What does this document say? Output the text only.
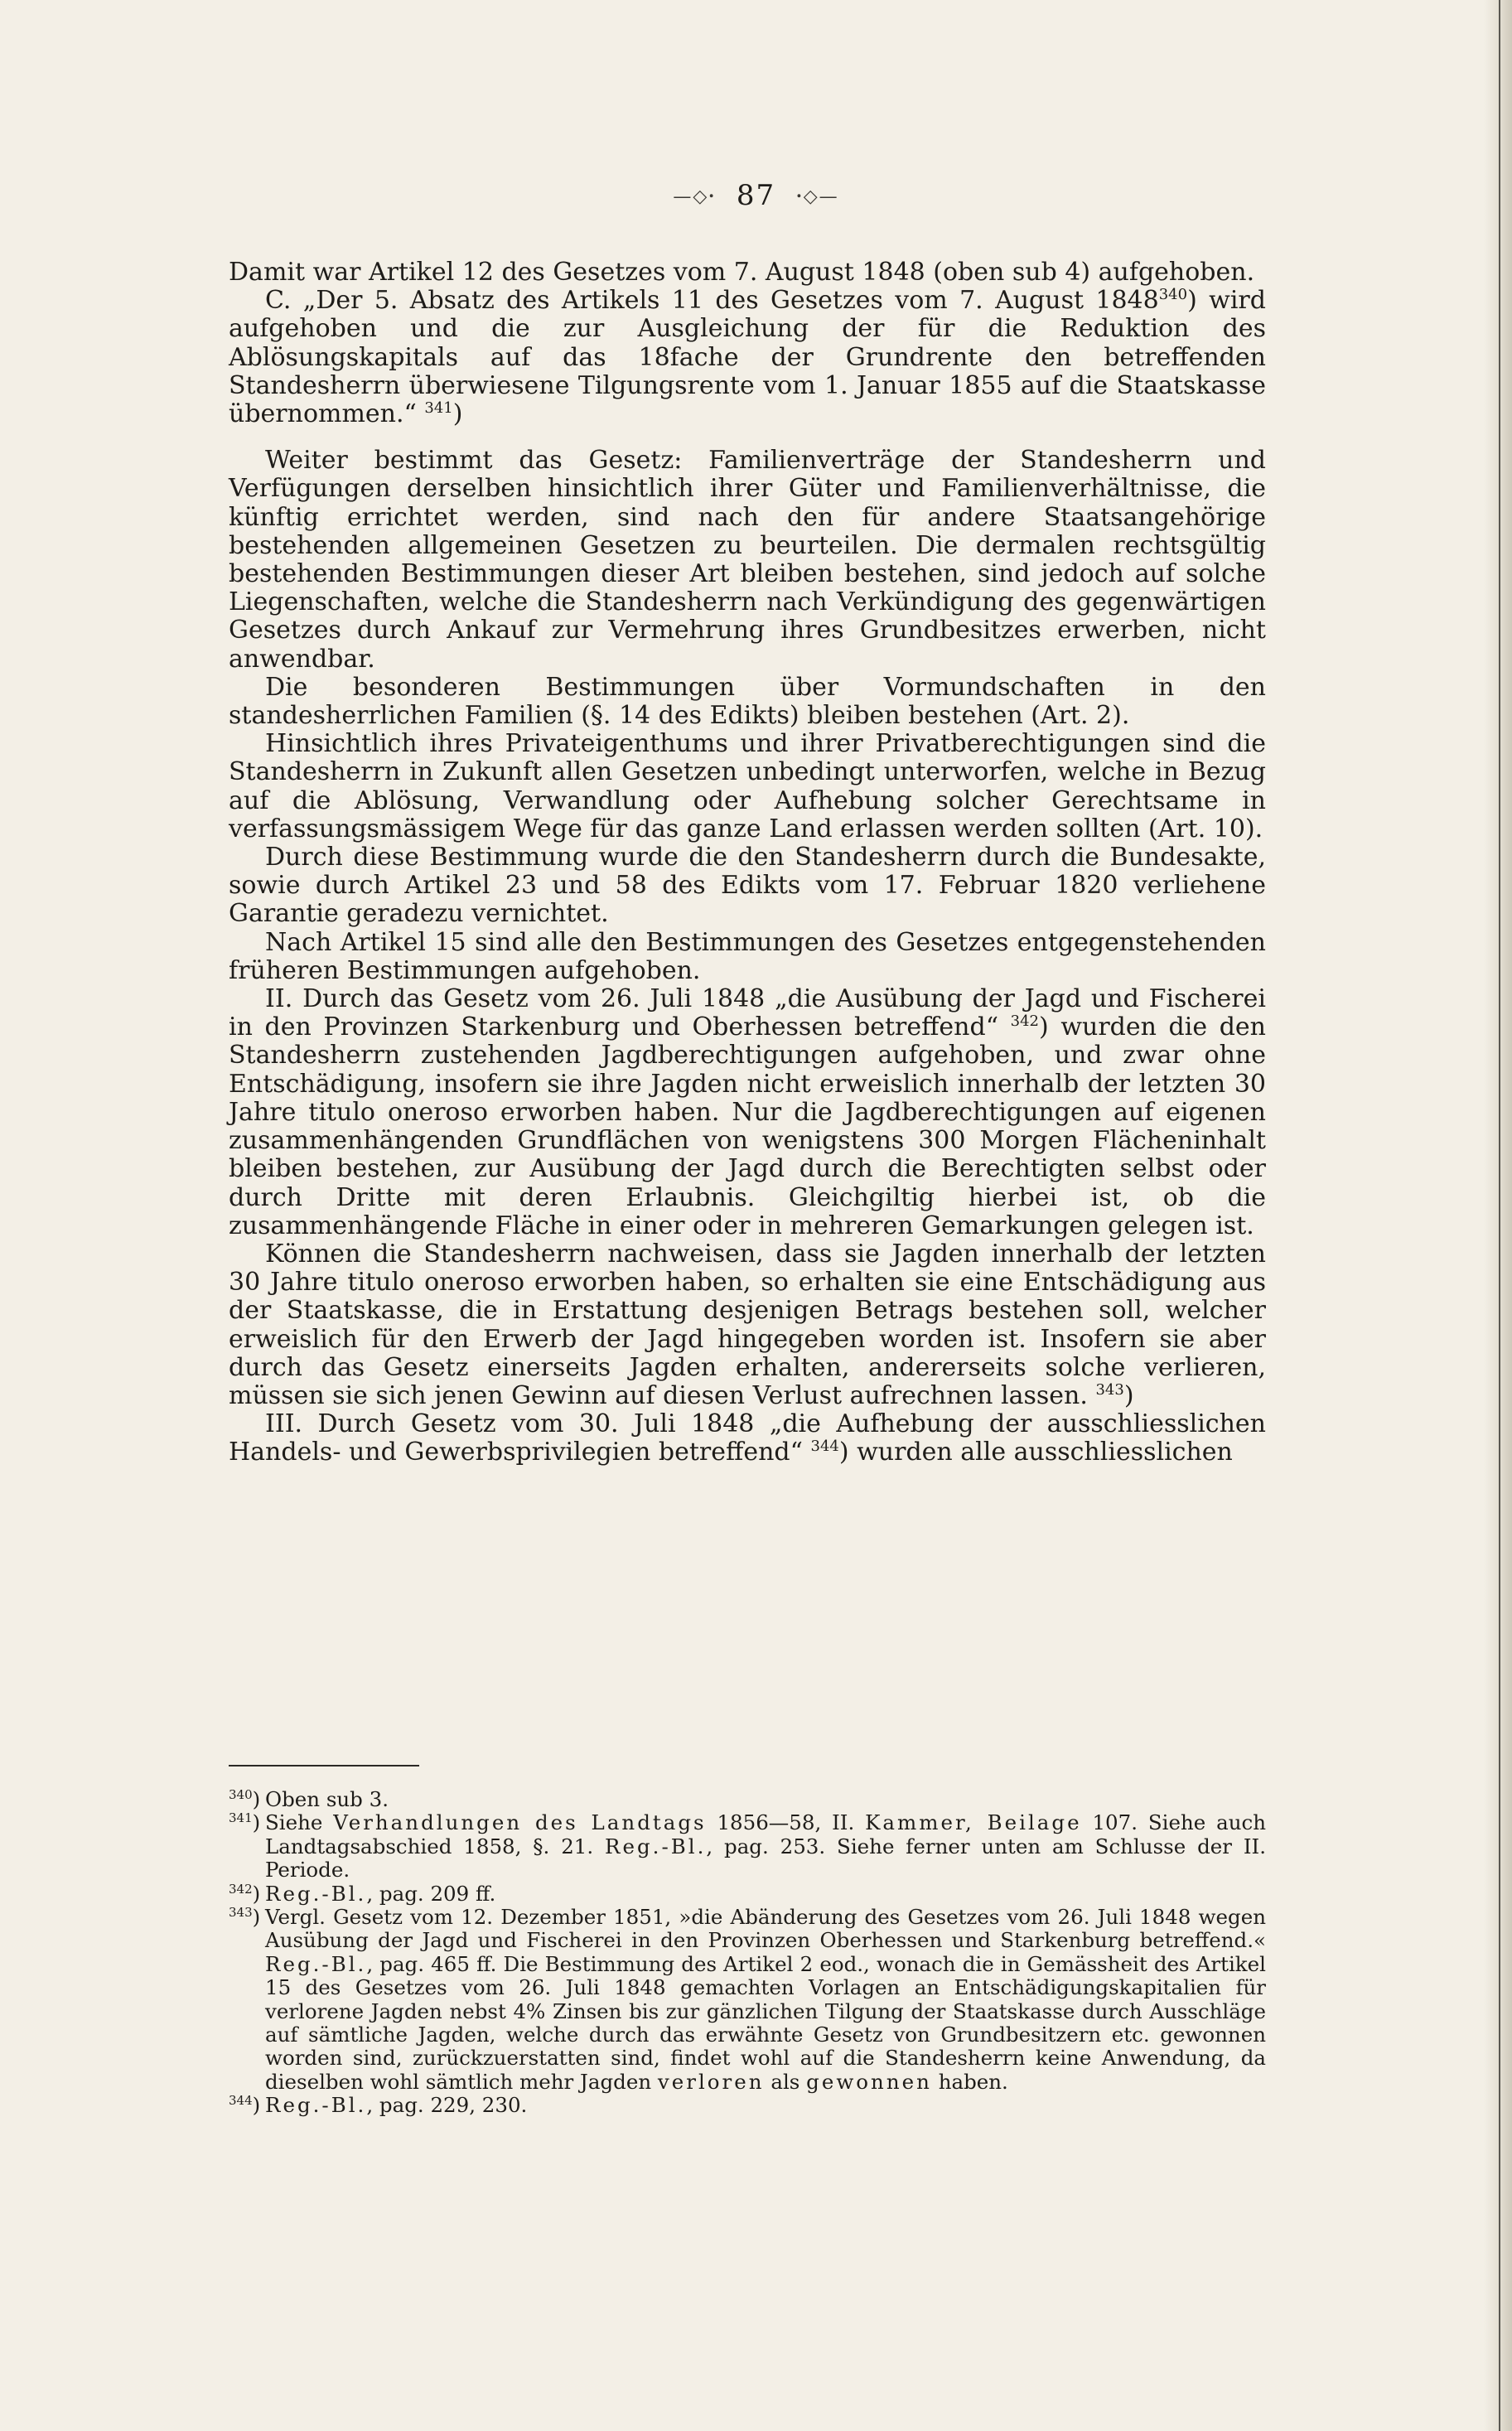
—◇ꞏ 87 ꞏ◇—

Damit war Artikel 12 des Gesetzes vom 7. August 1848 (oben sub 4) aufgehoben.

C. „Der 5. Absatz des Artikels 11 des Gesetzes vom 7. August 1848$^{340}$) wird aufgehoben und die zur Ausgleichung der für die Reduktion des Ablösungskapitals auf das 18fache der Grundrente den betreffenden Standesherrn überwiesene Tilgungsrente vom 1. Januar 1855 auf die Staatskasse übernommen.“ $^{341}$)

Weiter bestimmt das Gesetz: Familienverträge der Standesherrn und Verfügungen derselben hinsichtlich ihrer Güter und Familienverhältnisse, die künftig errichtet werden, sind nach den für andere Staatsangehörige bestehenden allgemeinen Gesetzen zu beurteilen. Die dermalen rechtsgültig bestehenden Bestimmungen dieser Art bleiben bestehen, sind jedoch auf solche Liegenschaften, welche die Standesherrn nach Verkündigung des gegenwärtigen Gesetzes durch Ankauf zur Vermehrung ihres Grundbesitzes erwerben, nicht anwendbar.

Die besonderen Bestimmungen über Vormundschaften in den standesherrlichen Familien (§. 14 des Edikts) bleiben bestehen (Art. 2).

Hinsichtlich ihres Privateigenthums und ihrer Privatberechtigungen sind die Standesherrn in Zukunft allen Gesetzen unbedingt unterworfen, welche in Bezug auf die Ablösung, Verwandlung oder Aufhebung solcher Gerechtsame in verfassungsmässigem Wege für das ganze Land erlassen werden sollten (Art. 10).

Durch diese Bestimmung wurde die den Standesherrn durch die Bundesakte, sowie durch Artikel 23 und 58 des Edikts vom 17. Februar 1820 verliehene Garantie geradezu vernichtet.

Nach Artikel 15 sind alle den Bestimmungen des Gesetzes entgegenstehenden früheren Bestimmungen aufgehoben.

II. Durch das Gesetz vom 26. Juli 1848 „die Ausübung der Jagd und Fischerei in den Provinzen Starkenburg und Oberhessen betreffend“ $^{342}$) wurden die den Standesherrn zustehenden Jagdberechtigungen aufgehoben, und zwar ohne Entschädigung, insofern sie ihre Jagden nicht erweislich innerhalb der letzten 30 Jahre titulo oneroso erworben haben. Nur die Jagdberechtigungen auf eigenen zusammenhängenden Grundflächen von wenigstens 300 Morgen Flächeninhalt bleiben bestehen, zur Ausübung der Jagd durch die Berechtigten selbst oder durch Dritte mit deren Erlaubnis. Gleichgiltig hierbei ist, ob die zusammenhängende Fläche in einer oder in mehreren Gemarkungen gelegen ist.

Können die Standesherrn nachweisen, dass sie Jagden innerhalb der letzten 30 Jahre titulo oneroso erworben haben, so erhalten sie eine Entschädigung aus der Staatskasse, die in Erstattung desjenigen Betrags bestehen soll, welcher erweislich für den Erwerb der Jagd hingegeben worden ist. Insofern sie aber durch das Gesetz einerseits Jagden erhalten, andererseits solche verlieren, müssen sie sich jenen Gewinn auf diesen Verlust aufrechnen lassen. $^{343}$)

III. Durch Gesetz vom 30. Juli 1848 „die Aufhebung der ausschliesslichen Handels- und Gewerbsprivilegien betreffend“ $^{344}$) wurden alle ausschliesslichen

$^{340}$) Oben sub 3.

$^{341}$) Siehe Verhandlungen des Landtags 1856—58, II. Kammer, Beilage 107. Siehe auch Landtagsabschied 1858, §. 21. Reg.-Bl., pag. 253. Siehe ferner unten am Schlusse der II. Periode.

$^{342}$) Reg.-Bl., pag. 209 ff.

$^{343}$) Vergl. Gesetz vom 12. Dezember 1851, »die Abänderung des Gesetzes vom 26. Juli 1848 wegen Ausübung der Jagd und Fischerei in den Provinzen Oberhessen und Starkenburg betreffend.« Reg.-Bl., pag. 465 ff. Die Bestimmung des Artikel 2 eod., wonach die in Gemässheit des Artikel 15 des Gesetzes vom 26. Juli 1848 gemachten Vorlagen an Entschädigungskapitalien für verlorene Jagden nebst 4% Zinsen bis zur gänzlichen Tilgung der Staatskasse durch Ausschläge auf sämtliche Jagden, welche durch das erwähnte Gesetz von Grundbesitzern etc. gewonnen worden sind, zurückzuerstatten sind, findet wohl auf die Standesherrn keine Anwendung, da dieselben wohl sämtlich mehr Jagden verloren als gewonnen haben.

$^{344}$) Reg.-Bl., pag. 229, 230.
